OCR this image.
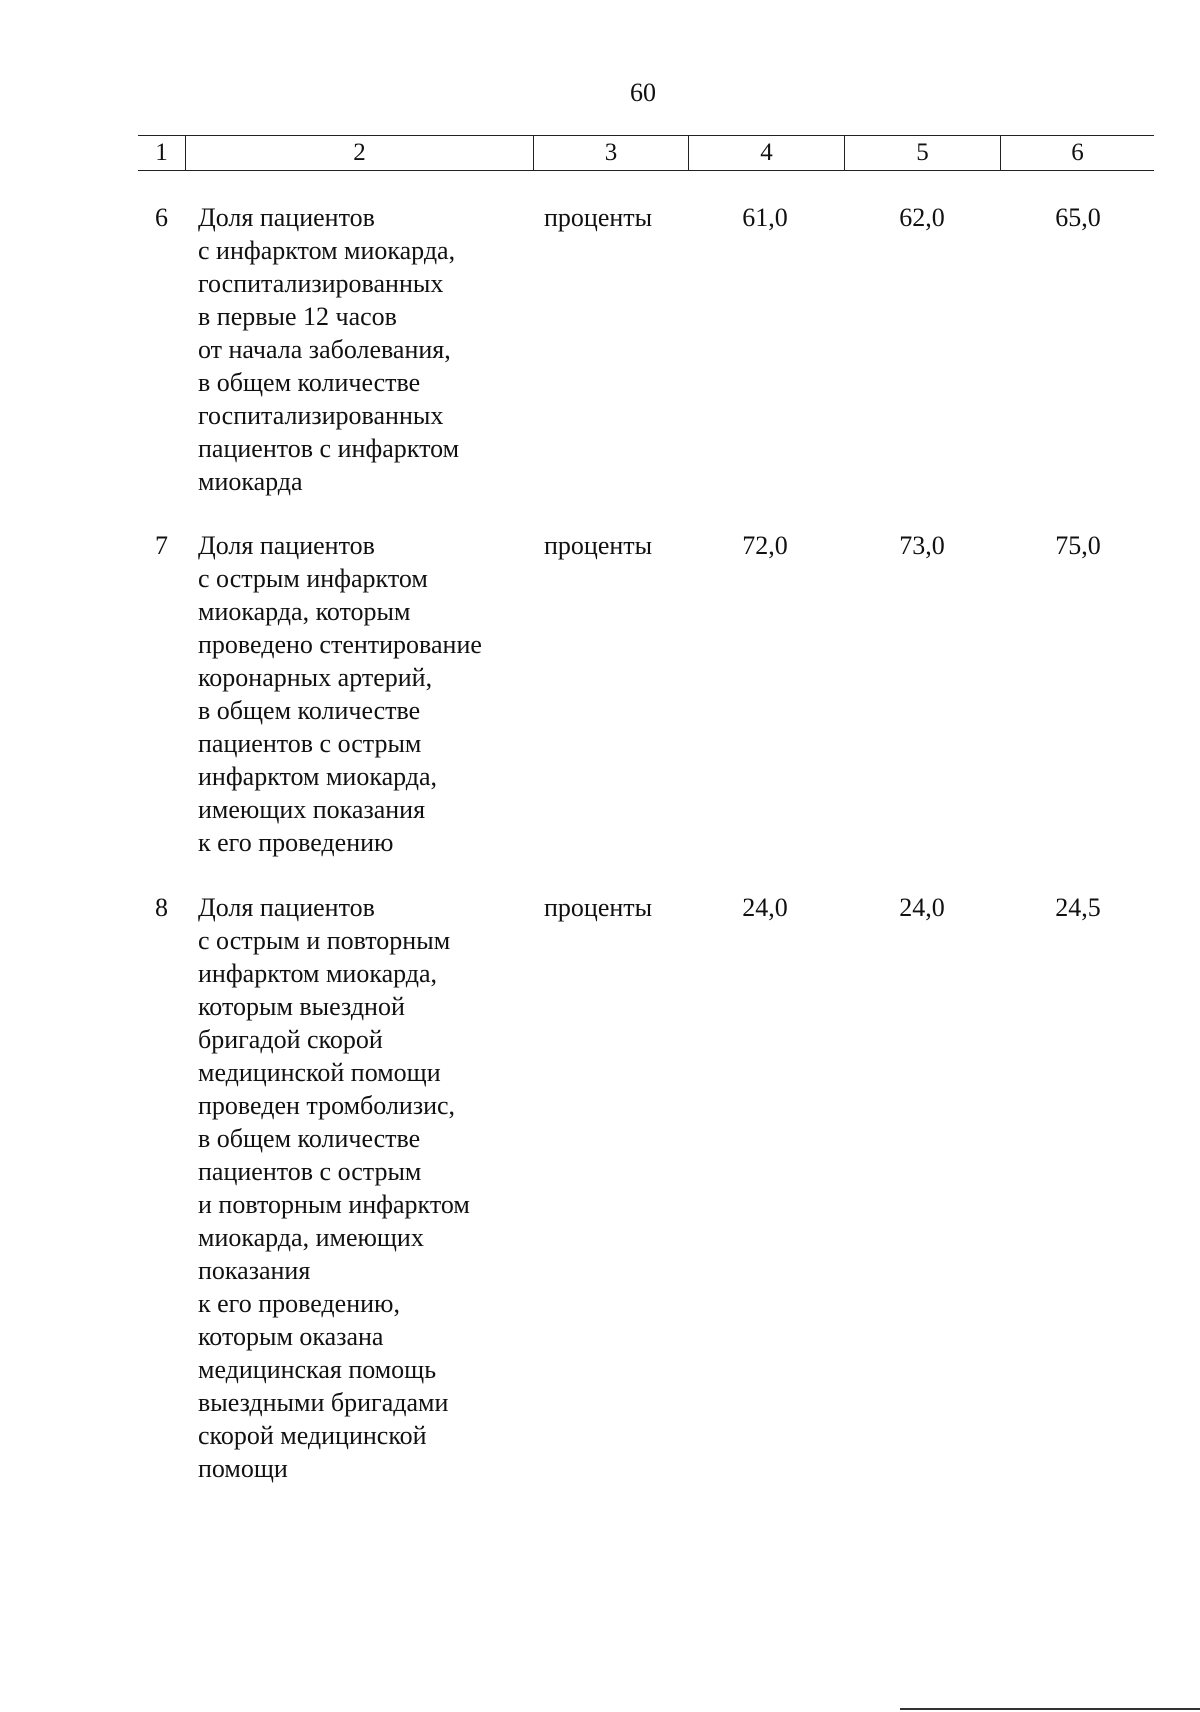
60
1	2	3	4	5	6
6	Доля пациентов
с инфарктом миокарда,
госпитализированных
в первые 12 часов
от начала заболевания,
в общем количестве
госпитализированных
пациентов с инфарктом
миокарда
проценты	61,0	62,0	65,0
7	Доля пациентов
с острым инфарктом
миокарда, которым
проведено стентирование
коронарных артерий,
в общем количестве
пациентов с острым
инфарктом миокарда,
имеющих показания
к его проведению
проценты	72,0	73,0	75,0
8	Доля пациентов
с острым и повторным
инфарктом миокарда,
которым выездной
бригадой скорой
медицинской помощи
проведен тромболизис,
в общем количестве
пациентов с острым
и повторным инфарктом
миокарда, имеющих
показания
к его проведению,
которым оказана
медицинская помощь
выездными бригадами
скорой медицинской
помощи
проценты	24,0	24,0	24,5
